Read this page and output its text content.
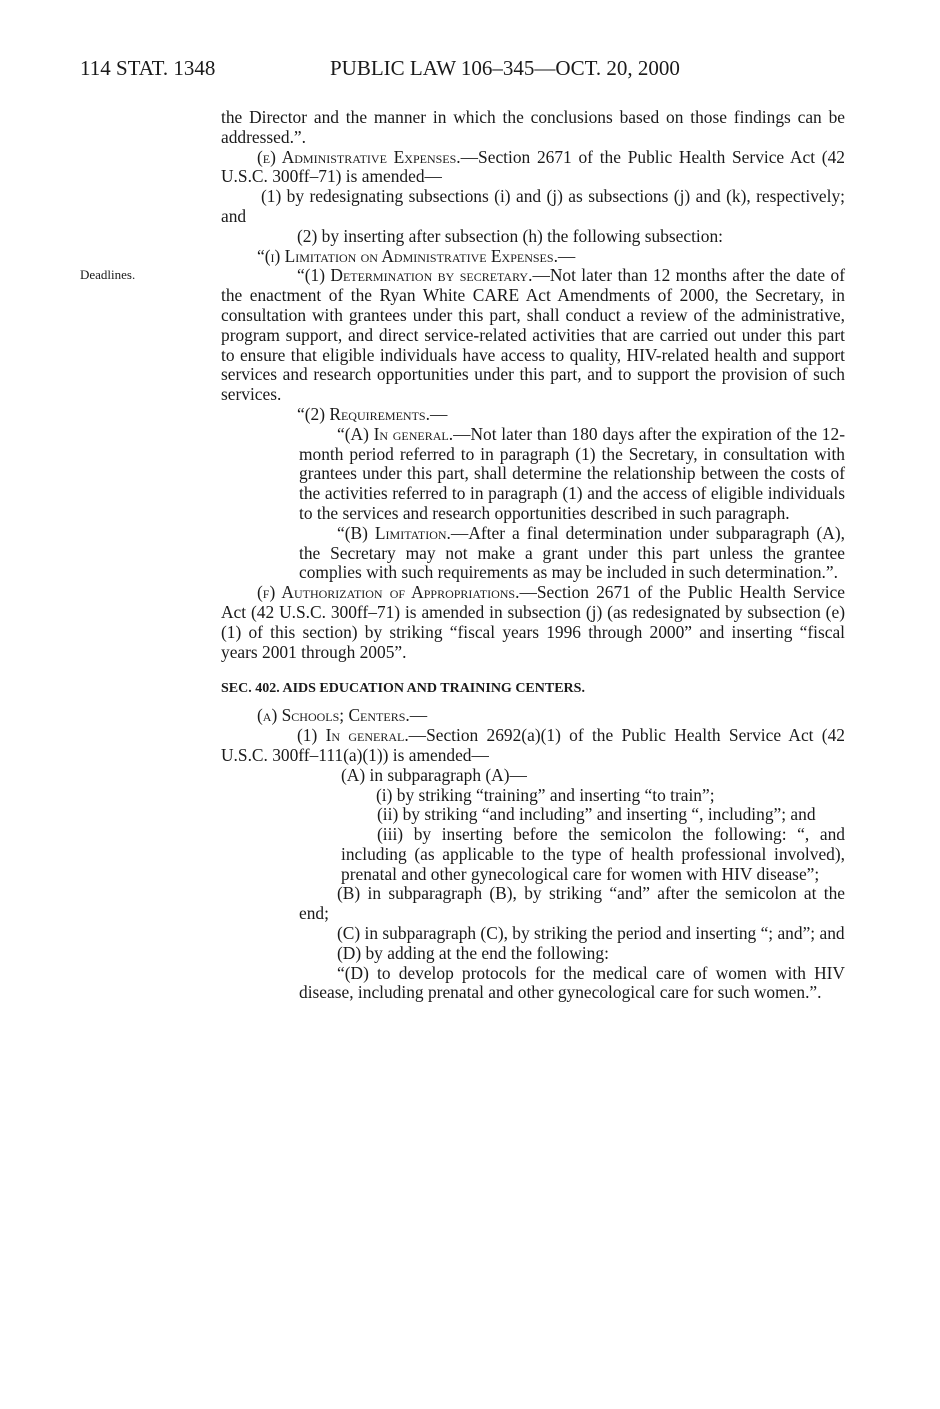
114 STAT. 1348	PUBLIC LAW 106–345—OCT. 20, 2000
Deadlines.

the Director and the manner in which the conclusions based on those findings can be addressed.”.

(e) Administrative Expenses.—Section 2671 of the Public Health Service Act (42 U.S.C. 300ff–71) is amended—

(1) by redesignating subsections (i) and (j) as subsections (j) and (k), respectively; and

(2) by inserting after subsection (h) the following subsection:

“(i) Limitation on Administrative Expenses.—

“(1) Determination by secretary.—Not later than 12 months after the date of the enactment of the Ryan White CARE Act Amendments of 2000, the Secretary, in consultation with grantees under this part, shall conduct a review of the administrative, program support, and direct service-related activities that are carried out under this part to ensure that eligible individuals have access to quality, HIV-related health and support services and research opportunities under this part, and to support the provision of such services.

“(2) Requirements.—

“(A) In general.—Not later than 180 days after the expiration of the 12-month period referred to in paragraph (1) the Secretary, in consultation with grantees under this part, shall determine the relationship between the costs of the activities referred to in paragraph (1) and the access of eligible individuals to the services and research opportunities described in such paragraph.

“(B) Limitation.—After a final determination under subparagraph (A), the Secretary may not make a grant under this part unless the grantee complies with such requirements as may be included in such determination.”.

(f) Authorization of Appropriations.—Section 2671 of the Public Health Service Act (42 U.S.C. 300ff–71) is amended in subsection (j) (as redesignated by subsection (e)(1) of this section) by striking “fiscal years 1996 through 2000” and inserting “fiscal years 2001 through 2005”.

SEC. 402. AIDS EDUCATION AND TRAINING CENTERS.

(a) Schools; Centers.—

(1) In general.—Section 2692(a)(1) of the Public Health Service Act (42 U.S.C. 300ff–111(a)(1)) is amended—

(A) in subparagraph (A)—

(i) by striking “training” and inserting “to train”;

(ii) by striking “and including” and inserting “, including”; and

(iii) by inserting before the semicolon the following: “, and including (as applicable to the type of health professional involved), prenatal and other gynecological care for women with HIV disease”;

(B) in subparagraph (B), by striking “and” after the semicolon at the end;

(C) in subparagraph (C), by striking the period and inserting “; and”; and

(D) by adding at the end the following:

“(D) to develop protocols for the medical care of women with HIV disease, including prenatal and other gynecological care for such women.”.
